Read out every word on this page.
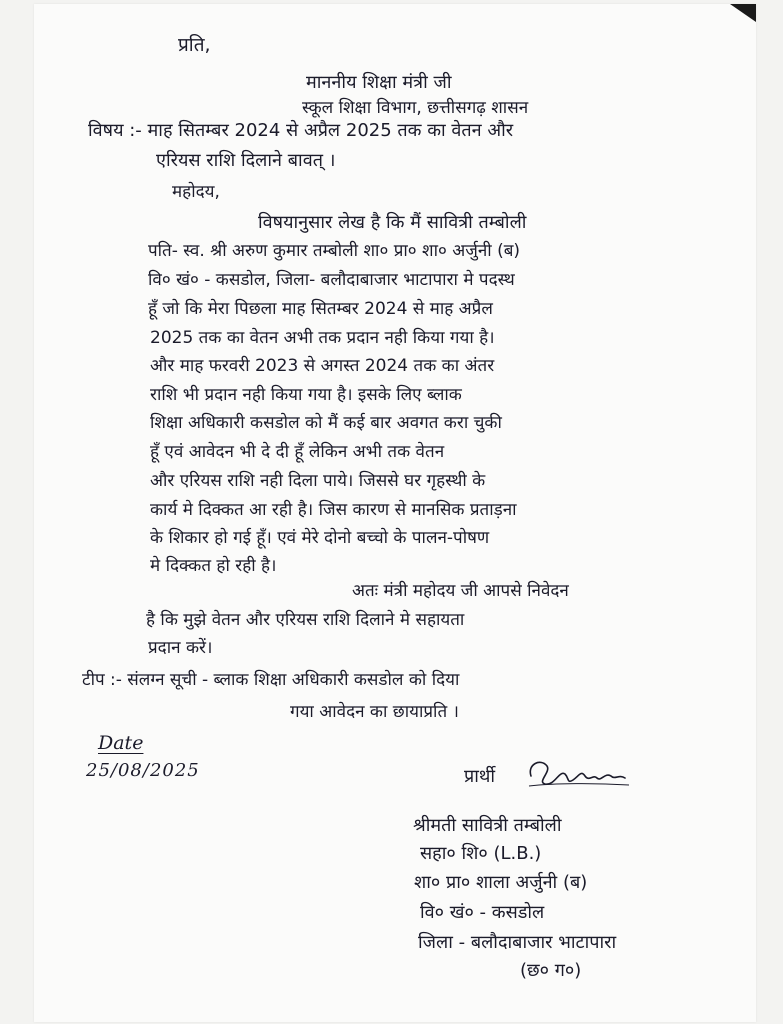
प्रति,
माननीय शिक्षा मंत्री जी
स्कूल शिक्षा विभाग, छत्तीसगढ़ शासन
विषय :- माह सितम्बर 2024 से अप्रैल 2025 तक का वेतन और
एरियस राशि दिलाने बावत् ।
महोदय,
विषयानुसार लेख है कि मैं सावित्री तम्बोली
पति- स्व. श्री अरुण कुमार तम्बोली शा० प्रा० शा० अर्जुनी (ब)
वि० खं० - कसडोल, जिला- बलौदाबाजार भाटापारा मे पदस्थ
हूँ जो कि मेरा पिछला माह सितम्बर 2024 से माह अप्रैल
2025 तक का वेतन अभी तक प्रदान नही किया गया है।
और माह फरवरी 2023 से अगस्त 2024 तक का अंतर
राशि भी प्रदान नही किया गया है। इसके लिए ब्लाक
शिक्षा अधिकारी कसडोल को मैं कई बार अवगत करा चुकी
हूँ एवं आवेदन भी दे दी हूँ लेकिन अभी तक वेतन
और एरियस राशि नही दिला पाये। जिससे घर गृहस्थी के
कार्य मे दिक्कत आ रही है। जिस कारण से मानसिक प्रताड़ना
के शिकार हो गई हूँ। एवं मेरे दोनो बच्चो के पालन-पोषण
मे दिक्कत हो रही है।
अतः मंत्री महोदय जी आपसे निवेदन
है कि मुझे वेतन और एरियस राशि दिलाने मे सहायता
प्रदान करें।
टीप :- संलग्न सूची - ब्लाक शिक्षा अधिकारी कसडोल को दिया
गया आवेदन का छायाप्रति ।
Date
25/08/2025	प्रार्थी
श्रीमती सावित्री तम्बोली
सहा० शि० (L.B.)
शा० प्रा० शाला अर्जुनी (ब)
वि० खं० - कसडोल
जिला - बलौदाबाजार भाटापारा
(छ० ग०)
